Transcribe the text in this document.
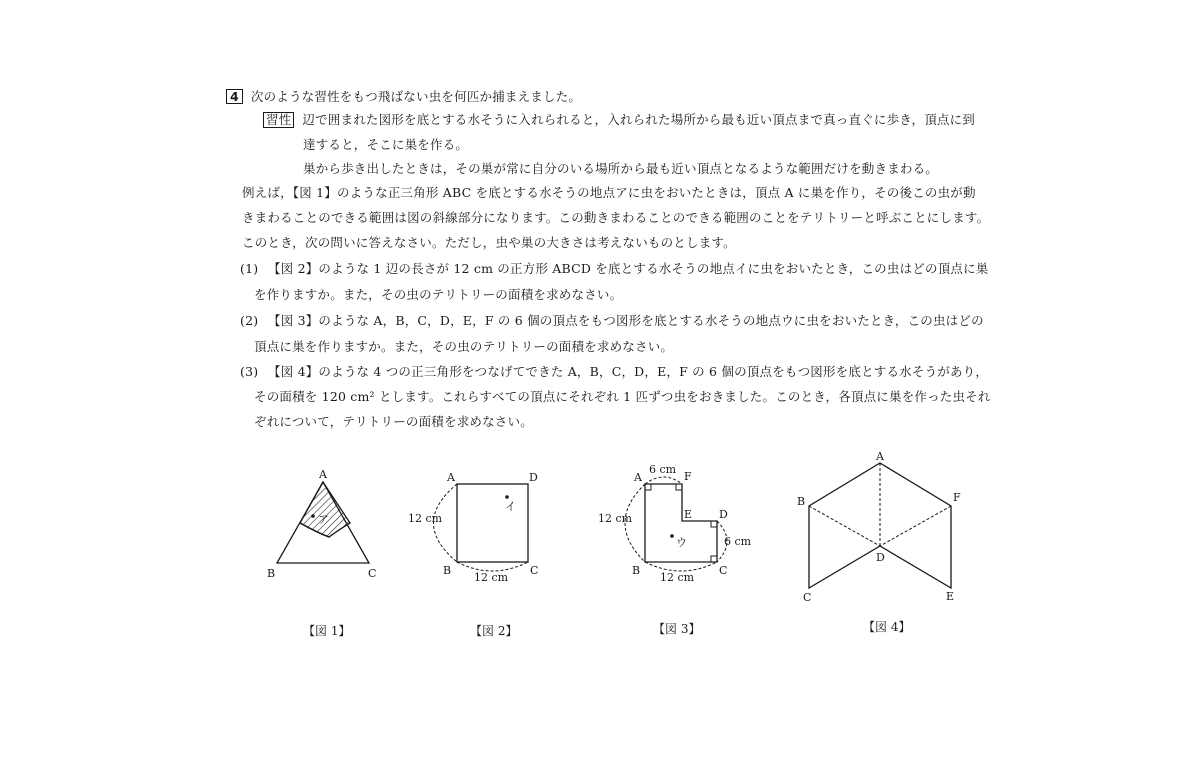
4 次のような習性をもつ飛ばない虫を何匹か捕まえました。
習性 辺で囲まれた図形を底とする水そうに入れられると，入れられた場所から最も近い頂点まで真っ直ぐに歩き，頂点に到
達すると，そこに巣を作る。
巣から歩き出したときは，その巣が常に自分のいる場所から最も近い頂点となるような範囲だけを動きまわる。
例えば，【図 1】のような正三角形 ABC を底とする水そうの地点アに虫をおいたときは，頂点 A に巣を作り，その後この虫が動
きまわることのできる範囲は図の斜線部分になります。この動きまわることのできる範囲のことをテリトリーと呼ぶことにします。
このとき，次の問いに答えなさい。ただし，虫や巣の大きさは考えないものとします。
(1) 【図 2】のような 1 辺の長さが 12 cm の正方形 ABCD を底とする水そうの地点イに虫をおいたとき，この虫はどの頂点に巣
を作りますか。また，その虫のテリトリーの面積を求めなさい。
(2) 【図 3】のような A，B，C，D，E，F の 6 個の頂点をもつ図形を底とする水そうの地点ウに虫をおいたとき，この虫はどの
頂点に巣を作りますか。また，その虫のテリトリーの面積を求めなさい。
(3) 【図 4】のような 4 つの正三角形をつなげてできた A，B，C，D，E，F の 6 個の頂点をもつ図形を底とする水そうがあり，
その面積を 120 cm² とします。これらすべての頂点にそれぞれ 1 匹ずつ虫をおきました。このとき，各頂点に巣を作った虫それ
ぞれについて，テリトリーの面積を求めなさい。
ア
A
B	C
【図 1】
イ
A	D
B	C
12 cm
12 cm
【図 2】
ウ
A	F
E D
B	C
6 cm
12 cm
12 cm
6 cm
【図 3】
A
B	F
D
C	E
【図 4】
